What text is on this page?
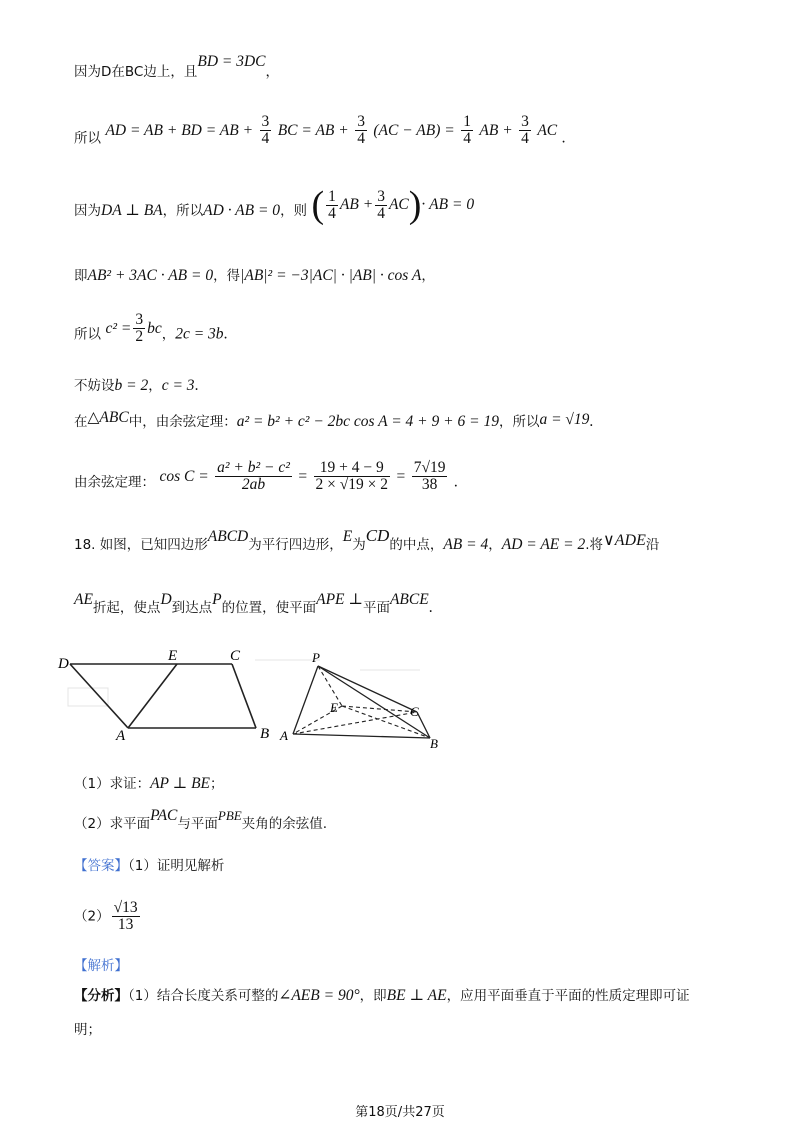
因为D在BC边上，且BD = 3DC，
所以 AD = AB + BD = AB + $\frac{3}{4}$ BC = AB + $\frac{3}{4} (AC - AB) = \frac{1}{4}$ AB + $\frac{3}{4}$ AC .
因为DA ⊥ BA，所以AD · AB = 0，则 ( $\frac{1}{4}$ AB + $\frac{3}{4} AC)\cdot$ AB = 0
即AB² + 3AC · AB = 0，得|AB|² = −3|AC| · |AB| · cos A，
所以 $c^2 = \frac{3}{2}$ bc，2c = 3b.
不妨设b = 2，c = 3.
在△ABC中，由余弦定理：a² = b² + c² − 2bc cos A = 4 + 9 + 6 = 19，所以a = √19.
由余弦定理： $\cos C = \frac{\text{a² + b² − c²}}{2ab} = \frac{19 + 4 - 9}{2 \times √19 \times 2} = \frac{7√19}{38}$ .
18. 如图，已知四边形ABCD为平行四边形，E为CD的中点，AB = 4，AD = AE = 2.将∨ADE沿
AE折起，使点D到达点P的位置，使平面APE ⊥平面ABCE.
D	E	C
A	B
P
E	C
A
B
（1）求证：AP ⊥ BE；
（2）求平面PAC与平面PBE夹角的余弦值.
【答案】（1）证明见解析
$(2) \frac{√13}{13}$
【解析】
【分析】（1）结合长度关系可整的∠AEB = 90°，即BE ⊥ AE，应用平面垂直于平面的性质定理即可证
明；
第18页/共27页
